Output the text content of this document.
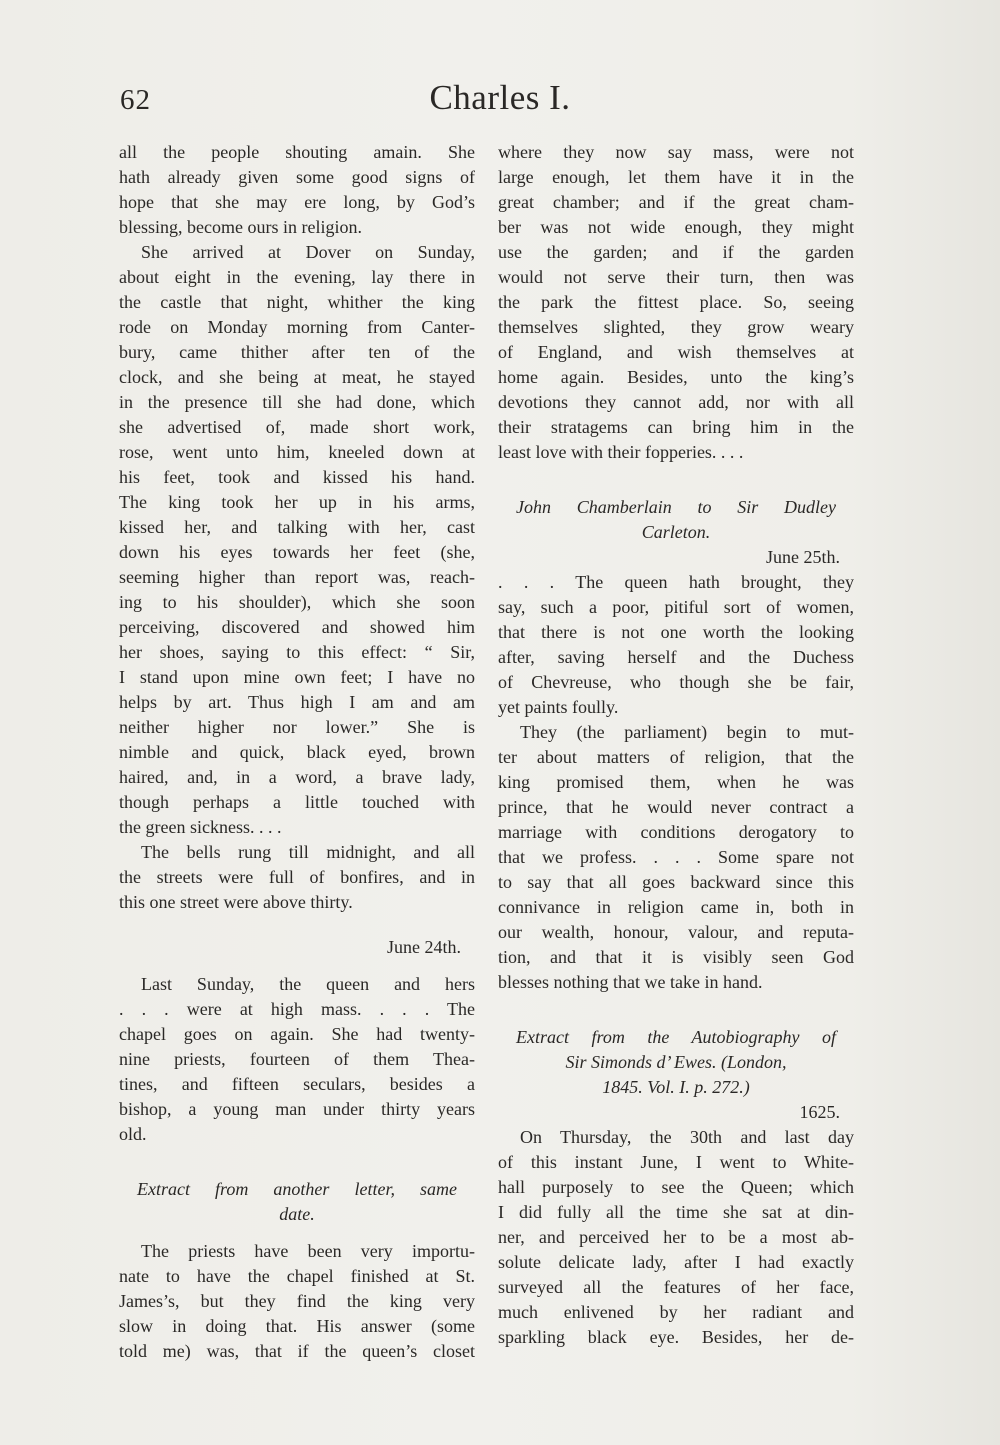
62	Charles I.
all the people shouting amain. She
hath already given some good signs of
hope that she may ere long, by God’s
blessing, become ours in religion.
She arrived at Dover on Sunday,
about eight in the evening, lay there in
the castle that night, whither the king
rode on Monday morning from Canter-
bury, came thither after ten of the
clock, and she being at meat, he stayed
in the presence till she had done, which
she advertised of, made short work,
rose, went unto him, kneeled down at
his feet, took and kissed his hand.
The king took her up in his arms,
kissed her, and talking with her, cast
down his eyes towards her feet (she,
seeming higher than report was, reach-
ing to his shoulder), which she soon
perceiving, discovered and showed him
her shoes, saying to this effect: “ Sir,
I stand upon mine own feet; I have no
helps by art. Thus high I am and am
neither higher nor lower.” She is
nimble and quick, black eyed, brown
haired, and, in a word, a brave lady,
though perhaps a little touched with
the green sickness. . . .
The bells rung till midnight, and all
the streets were full of bonfires, and in
this one street were above thirty.
June 24th.
Last Sunday, the queen and hers
. . . were at high mass. . . . The
chapel goes on again. She had twenty-
nine priests, fourteen of them Thea-
tines, and fifteen seculars, besides a
bishop, a young man under thirty years
old.
Extract from another letter, same
date.
The priests have been very importu-
nate to have the chapel finished at St.
James’s, but they find the king very
slow in doing that. His answer (some
told me) was, that if the queen’s closet
where they now say mass, were not
large enough, let them have it in the
great chamber; and if the great cham-
ber was not wide enough, they might
use the garden; and if the garden
would not serve their turn, then was
the park the fittest place. So, seeing
themselves slighted, they grow weary
of England, and wish themselves at
home again. Besides, unto the king’s
devotions they cannot add, nor with all
their stratagems can bring him in the
least love with their fopperies. . . .
John Chamberlain to Sir Dudley
Carleton.
June 25th.
. . . The queen hath brought, they
say, such a poor, pitiful sort of women,
that there is not one worth the looking
after, saving herself and the Duchess
of Chevreuse, who though she be fair,
yet paints foully.
They (the parliament) begin to mut-
ter about matters of religion, that the
king promised them, when he was
prince, that he would never contract a
marriage with conditions derogatory to
that we profess. . . . Some spare not
to say that all goes backward since this
connivance in religion came in, both in
our wealth, honour, valour, and reputa-
tion, and that it is visibly seen God
blesses nothing that we take in hand.
Extract from the Autobiography of
Sir Simonds d’ Ewes. (London,
1845. Vol. I. p. 272.)
1625.
On Thursday, the 30th and last day
of this instant June, I went to White-
hall purposely to see the Queen; which
I did fully all the time she sat at din-
ner, and perceived her to be a most ab-
solute delicate lady, after I had exactly
surveyed all the features of her face,
much enlivened by her radiant and
sparkling black eye. Besides, her de-
